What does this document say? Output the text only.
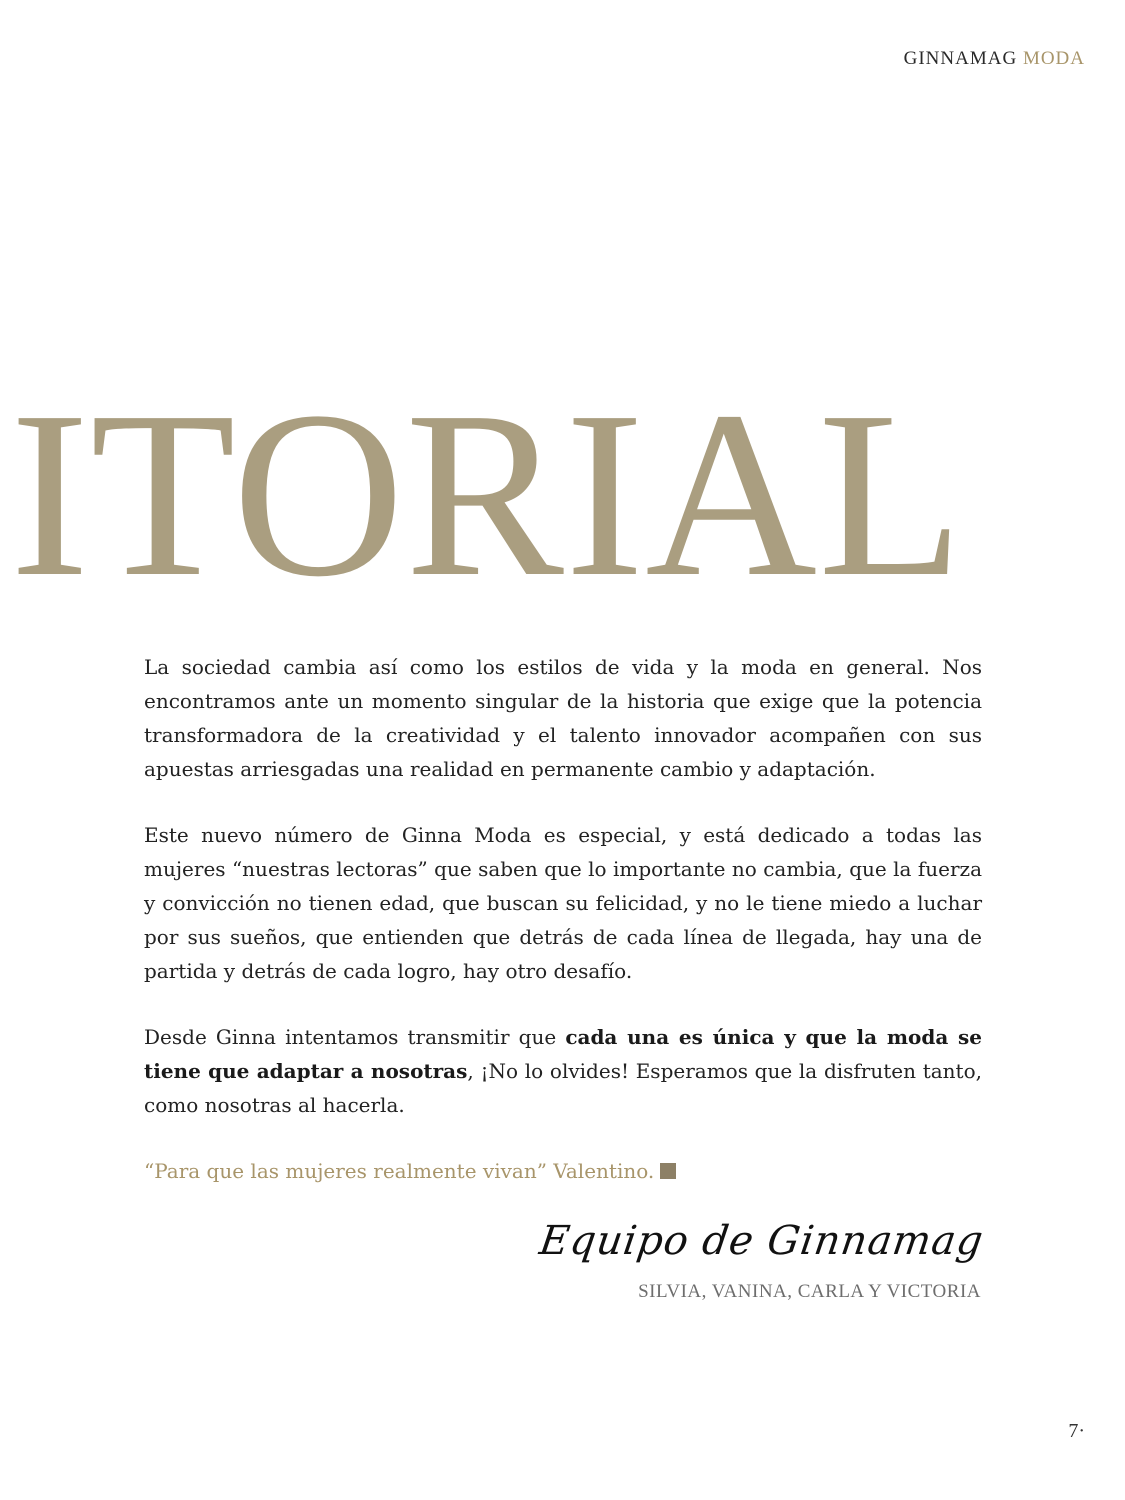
GINNAMAG MODA
ITORIAL

La sociedad cambia así como los estilos de vida y la moda en general. Nos encontramos ante un momento singular de la historia que exige que la potencia transformadora de la creatividad y el talento innovador acompañen con sus apuestas arriesgadas una realidad en permanente cambio y adaptación.

Este nuevo número de Ginna Moda es especial, y está dedicado a todas las mujeres “nuestras lectoras” que saben que lo importante no cambia, que la fuerza y convicción no tienen edad, que buscan su felicidad, y no le tiene miedo a luchar por sus sueños, que entienden que detrás de cada línea de llegada, hay una de partida y detrás de cada logro, hay otro desafío.

Desde Ginna intentamos transmitir que cada una es única y que la moda se tiene que adaptar a nosotras, ¡No lo olvides! Esperamos que la disfruten tanto, como nosotras al hacerla.

“Para que las mujeres realmente vivan” Valentino.

Equipo de Ginnamag
SILVIA, VANINA, CARLA Y VICTORIA
7·
